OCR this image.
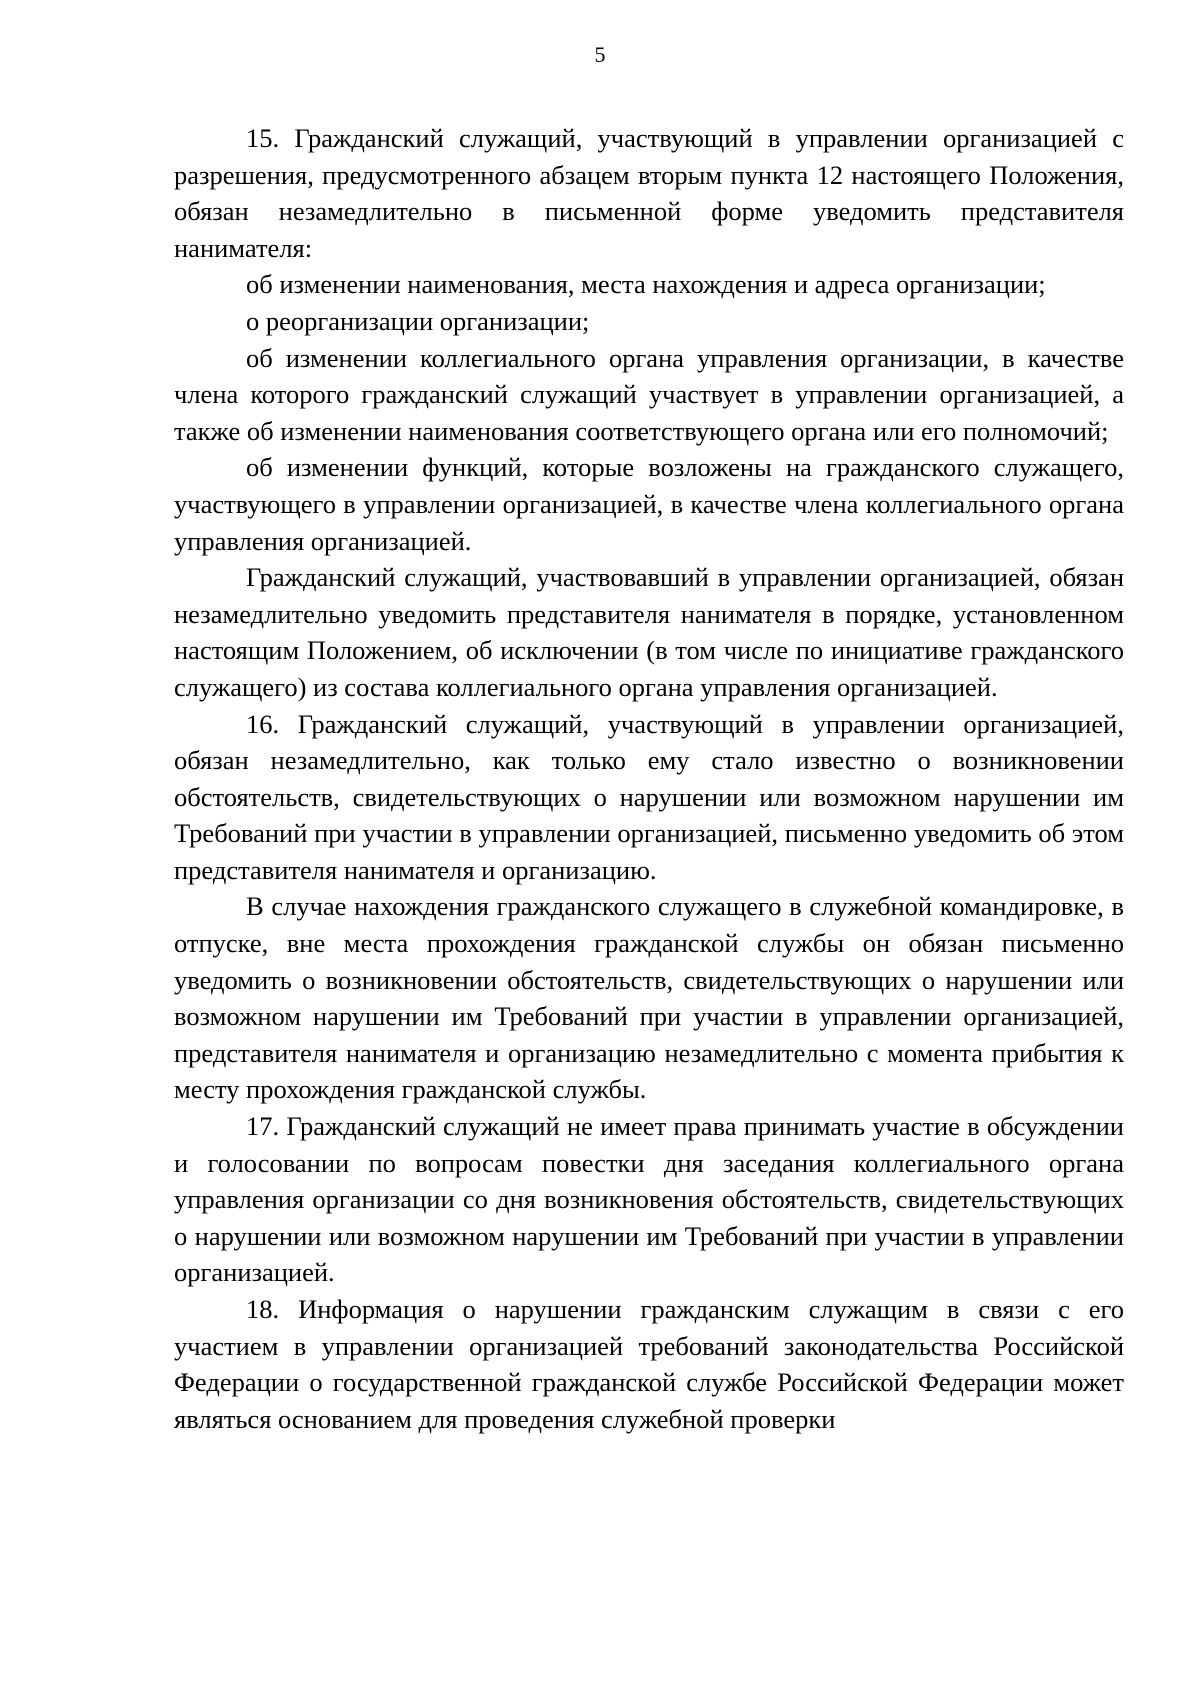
5

15. Гражданский служащий, участвующий в управлении организацией с разрешения, предусмотренного абзацем вторым пункта 12 настоящего Положения, обязан незамедлительно в письменной форме уведомить представителя нанимателя:

об изменении наименования, места нахождения и адреса организации;

о реорганизации организации;

об изменении коллегиального органа управления организации, в качестве члена которого гражданский служащий участвует в управлении организацией, а также об изменении наименования соответствующего органа или его полномочий;

об изменении функций, которые возложены на гражданского служащего, участвующего в управлении организацией, в качестве члена коллегиального органа управления организацией.

Гражданский служащий, участвовавший в управлении организацией, обязан незамедлительно уведомить представителя нанимателя в порядке, установленном настоящим Положением, об исключении (в том числе по инициативе гражданского служащего) из состава коллегиального органа управления организацией.

16. Гражданский служащий, участвующий в управлении организацией, обязан незамедлительно, как только ему стало известно о возникновении обстоятельств, свидетельствующих о нарушении или возможном нарушении им Требований при участии в управлении организацией, письменно уведомить об этом представителя нанимателя и организацию.

В случае нахождения гражданского служащего в служебной командировке, в отпуске, вне места прохождения гражданской службы он обязан письменно уведомить о возникновении обстоятельств, свидетельствующих о нарушении или возможном нарушении им Требований при участии в управлении организацией, представителя нанимателя и организацию незамедлительно с момента прибытия к месту прохождения гражданской службы.

17. Гражданский служащий не имеет права принимать участие в обсуждении и голосовании по вопросам повестки дня заседания коллегиального органа управления организации со дня возникновения обстоятельств, свидетельствующих о нарушении или возможном нарушении им Требований при участии в управлении организацией.

18. Информация о нарушении гражданским служащим в связи с его участием в управлении организацией требований законодательства Российской Федерации о государственной гражданской службе Российской Федерации может являться основанием для проведения служебной проверки
